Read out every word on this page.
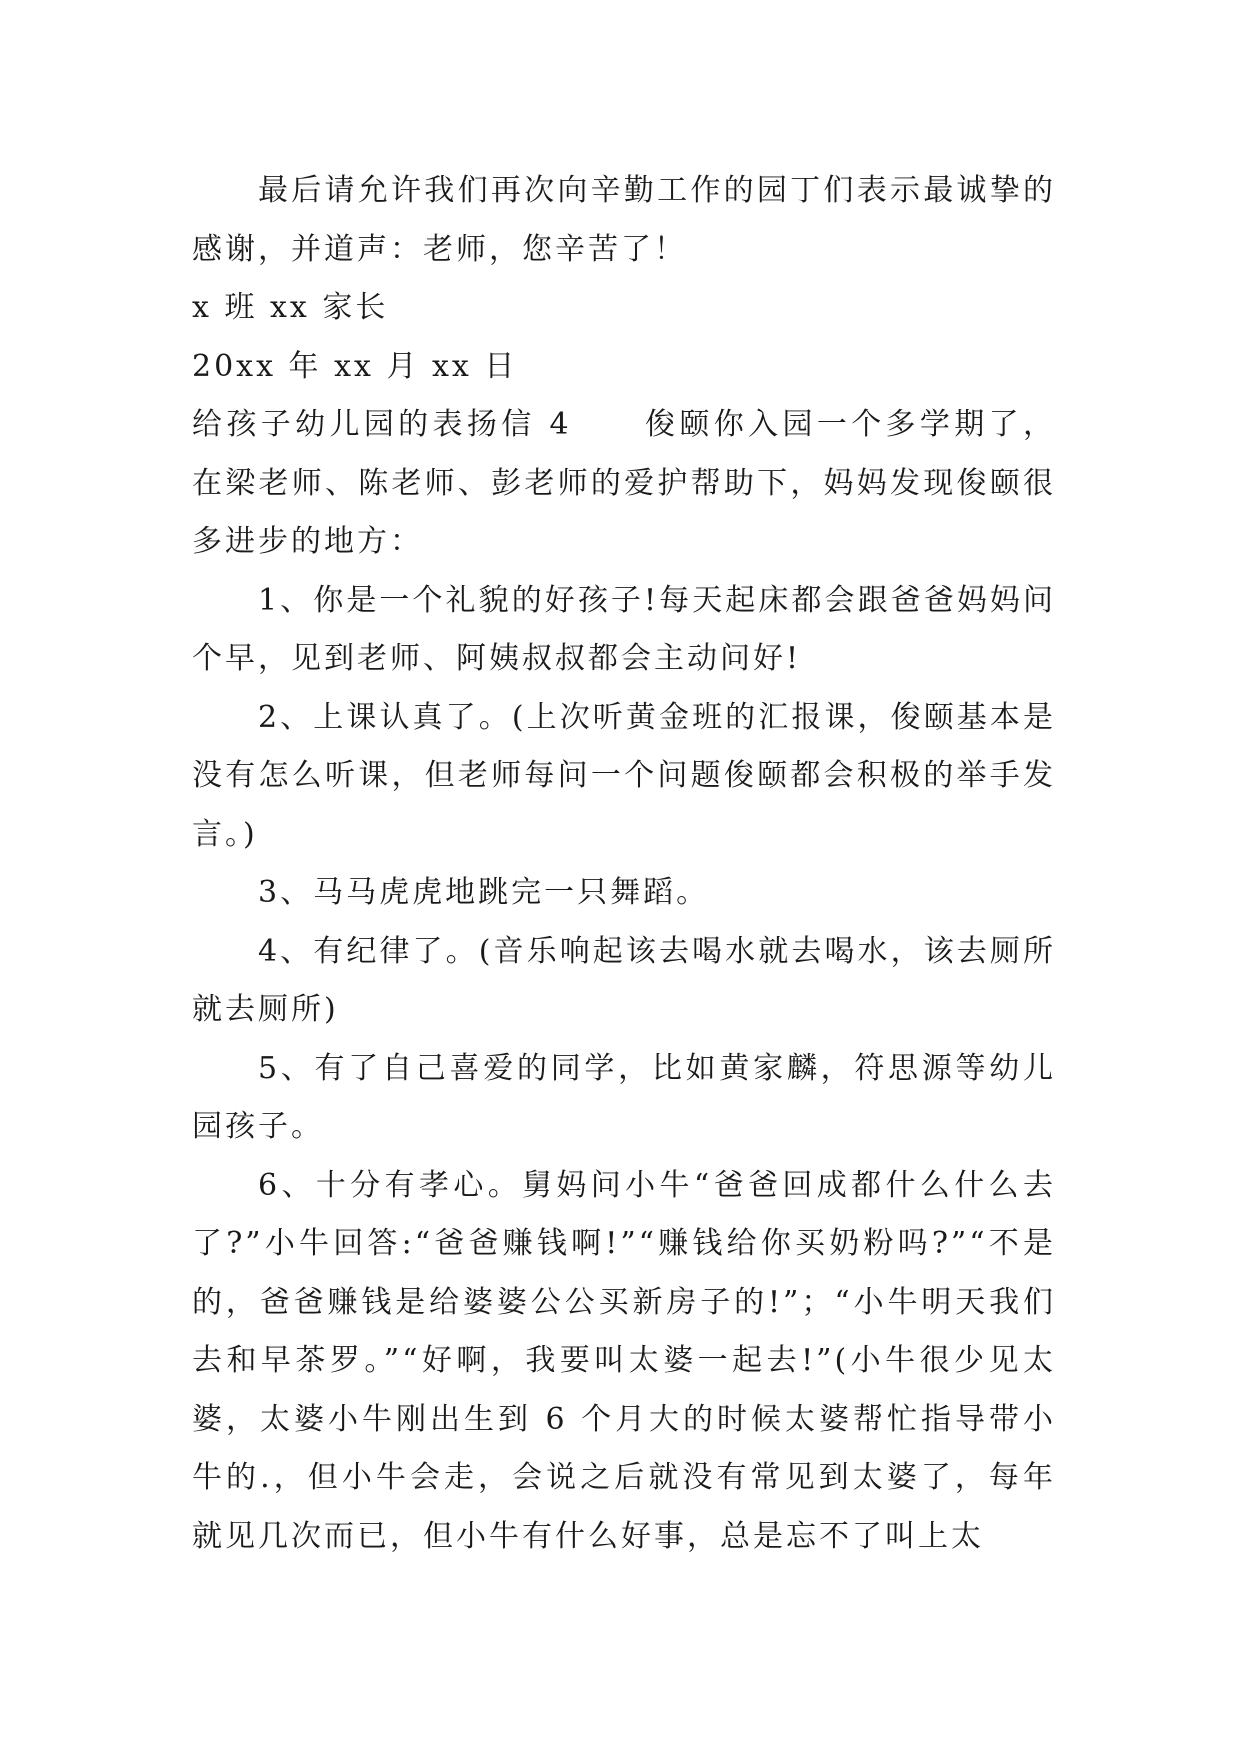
最后请允许我们再次向辛勤工作的园丁们表示最诚挚的感谢，并道声：老师，您辛苦了！

x 班 xx 家长

20xx 年 xx 月 xx 日

给孩子幼儿园的表扬信 4 俊颐你入园一个多学期了，在梁老师、陈老师、彭老师的爱护帮助下，妈妈发现俊颐很多进步的地方：

1、你是一个礼貌的好孩子!每天起床都会跟爸爸妈妈问个早，见到老师、阿姨叔叔都会主动问好!

2、上课认真了。(上次听黄金班的汇报课，俊颐基本是没有怎么听课，但老师每问一个问题俊颐都会积极的举手发言。)

3、马马虎虎地跳完一只舞蹈。

4、有纪律了。(音乐响起该去喝水就去喝水，该去厕所就去厕所)

5、有了自己喜爱的同学，比如黄家麟，符思源等幼儿园孩子。

6、十分有孝心。舅妈问小牛“爸爸回成都什么什么去了?”小牛回答:“爸爸赚钱啊!”“赚钱给你买奶粉吗?”“不是的，爸爸赚钱是给婆婆公公买新房子的!”；“小牛明天我们去和早茶罗。”“好啊，我要叫太婆一起去!”(小牛很少见太婆，太婆小牛刚出生到 6 个月大的时候太婆帮忙指导带小牛的.，但小牛会走，会说之后就没有常见到太婆了，每年就见几次而已，但小牛有什么好事，总是忘不了叫上太
